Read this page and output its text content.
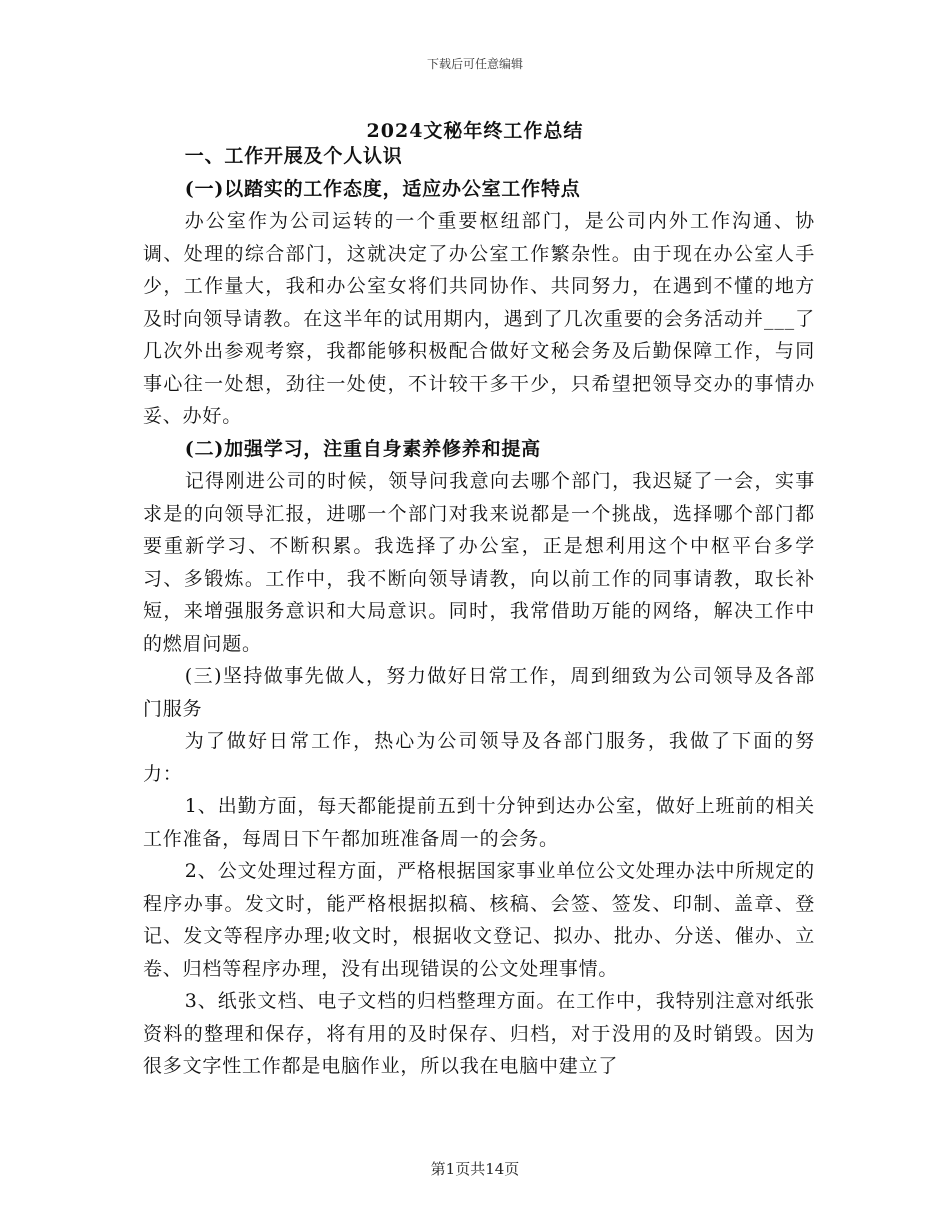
下载后可任意编辑
2024文秘年终工作总结

一、工作开展及个人认识

(一)以踏实的工作态度，适应办公室工作特点

办公室作为公司运转的一个重要枢纽部门，是公司内外工作沟通、协调、处理的综合部门，这就决定了办公室工作繁杂性。由于现在办公室人手少，工作量大，我和办公室女将们共同协作、共同努力，在遇到不懂的地方及时向领导请教。在这半年的试用期内，遇到了几次重要的会务活动并___了几次外出参观考察，我都能够积极配合做好文秘会务及后勤保障工作，与同事心往一处想，劲往一处使，不计较干多干少，只希望把领导交办的事情办妥、办好。

(二)加强学习，注重自身素养修养和提高

记得刚进公司的时候，领导问我意向去哪个部门，我迟疑了一会，实事求是的向领导汇报，进哪一个部门对我来说都是一个挑战，选择哪个部门都要重新学习、不断积累。我选择了办公室，正是想利用这个中枢平台多学习、多锻炼。工作中，我不断向领导请教，向以前工作的同事请教，取长补短，来增强服务意识和大局意识。同时，我常借助万能的网络，解决工作中的燃眉问题。

(三)坚持做事先做人，努力做好日常工作，周到细致为公司领导及各部门服务

为了做好日常工作，热心为公司领导及各部门服务，我做了下面的努力：

1、出勤方面，每天都能提前五到十分钟到达办公室，做好上班前的相关工作准备，每周日下午都加班准备周一的会务。

2、公文处理过程方面，严格根据国家事业单位公文处理办法中所规定的程序办事。发文时，能严格根据拟稿、核稿、会签、签发、印制、盖章、登记、发文等程序办理;收文时，根据收文登记、拟办、批办、分送、催办、立卷、归档等程序办理，没有出现错误的公文处理事情。

3、纸张文档、电子文档的归档整理方面。在工作中，我特别注意对纸张资料的整理和保存，将有用的及时保存、归档，对于没用的及时销毁。因为很多文字性工作都是电脑作业，所以我在电脑中建立了

第1页共14页
